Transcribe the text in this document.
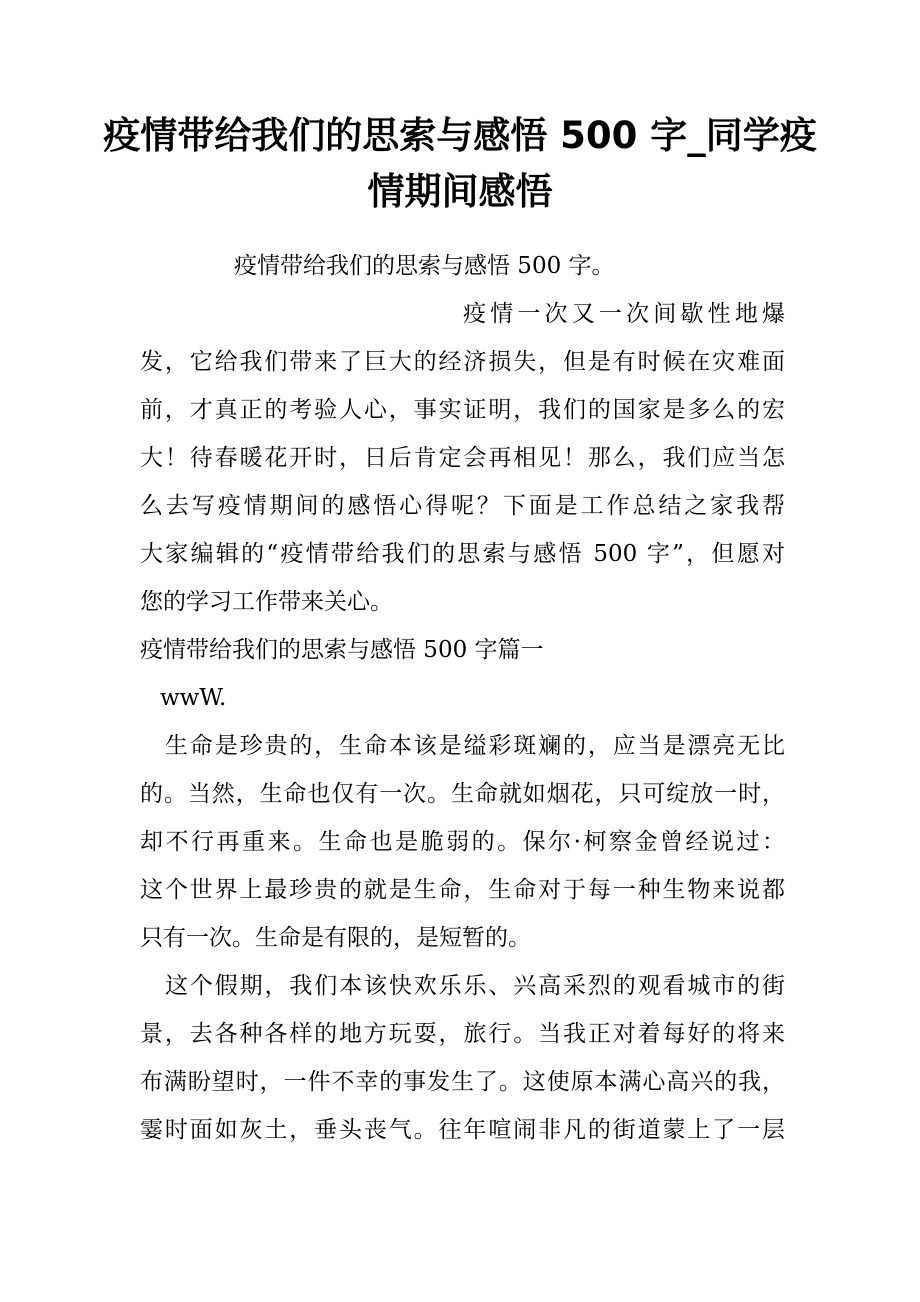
疫情带给我们的思索与感悟 500 字_同学疫
情期间感悟
疫情带给我们的思索与感悟 500 字。
疫情一次又一次间歇性地爆
发，它给我们带来了巨大的经济损失，但是有时候在灾难面
前，才真正的考验人心，事实证明，我们的国家是多么的宏
大！待春暖花开时，日后肯定会再相见！那么，我们应当怎
么去写疫情期间的感悟心得呢？下面是工作总结之家我帮
大家编辑的“疫情带给我们的思索与感悟 500 字”，但愿对
您的学习工作带来关心。
疫情带给我们的思索与感悟 500 字篇一
wwW.
生命是珍贵的，生命本该是缢彩斑斓的，应当是漂亮无比
的。当然，生命也仅有一次。生命就如烟花，只可绽放一时，
却不行再重来。生命也是脆弱的。保尔·柯察金曾经说过：
这个世界上最珍贵的就是生命，生命对于每一种生物来说都
只有一次。生命是有限的，是短暂的。
这个假期，我们本该快欢乐乐、兴高采烈的观看城市的街
景，去各种各样的地方玩耍，旅行。当我正对着每好的将来
布满盼望时，一件不幸的事发生了。这使原本满心高兴的我，
霎时面如灰土，垂头丧气。往年喧闹非凡的街道蒙上了一层
